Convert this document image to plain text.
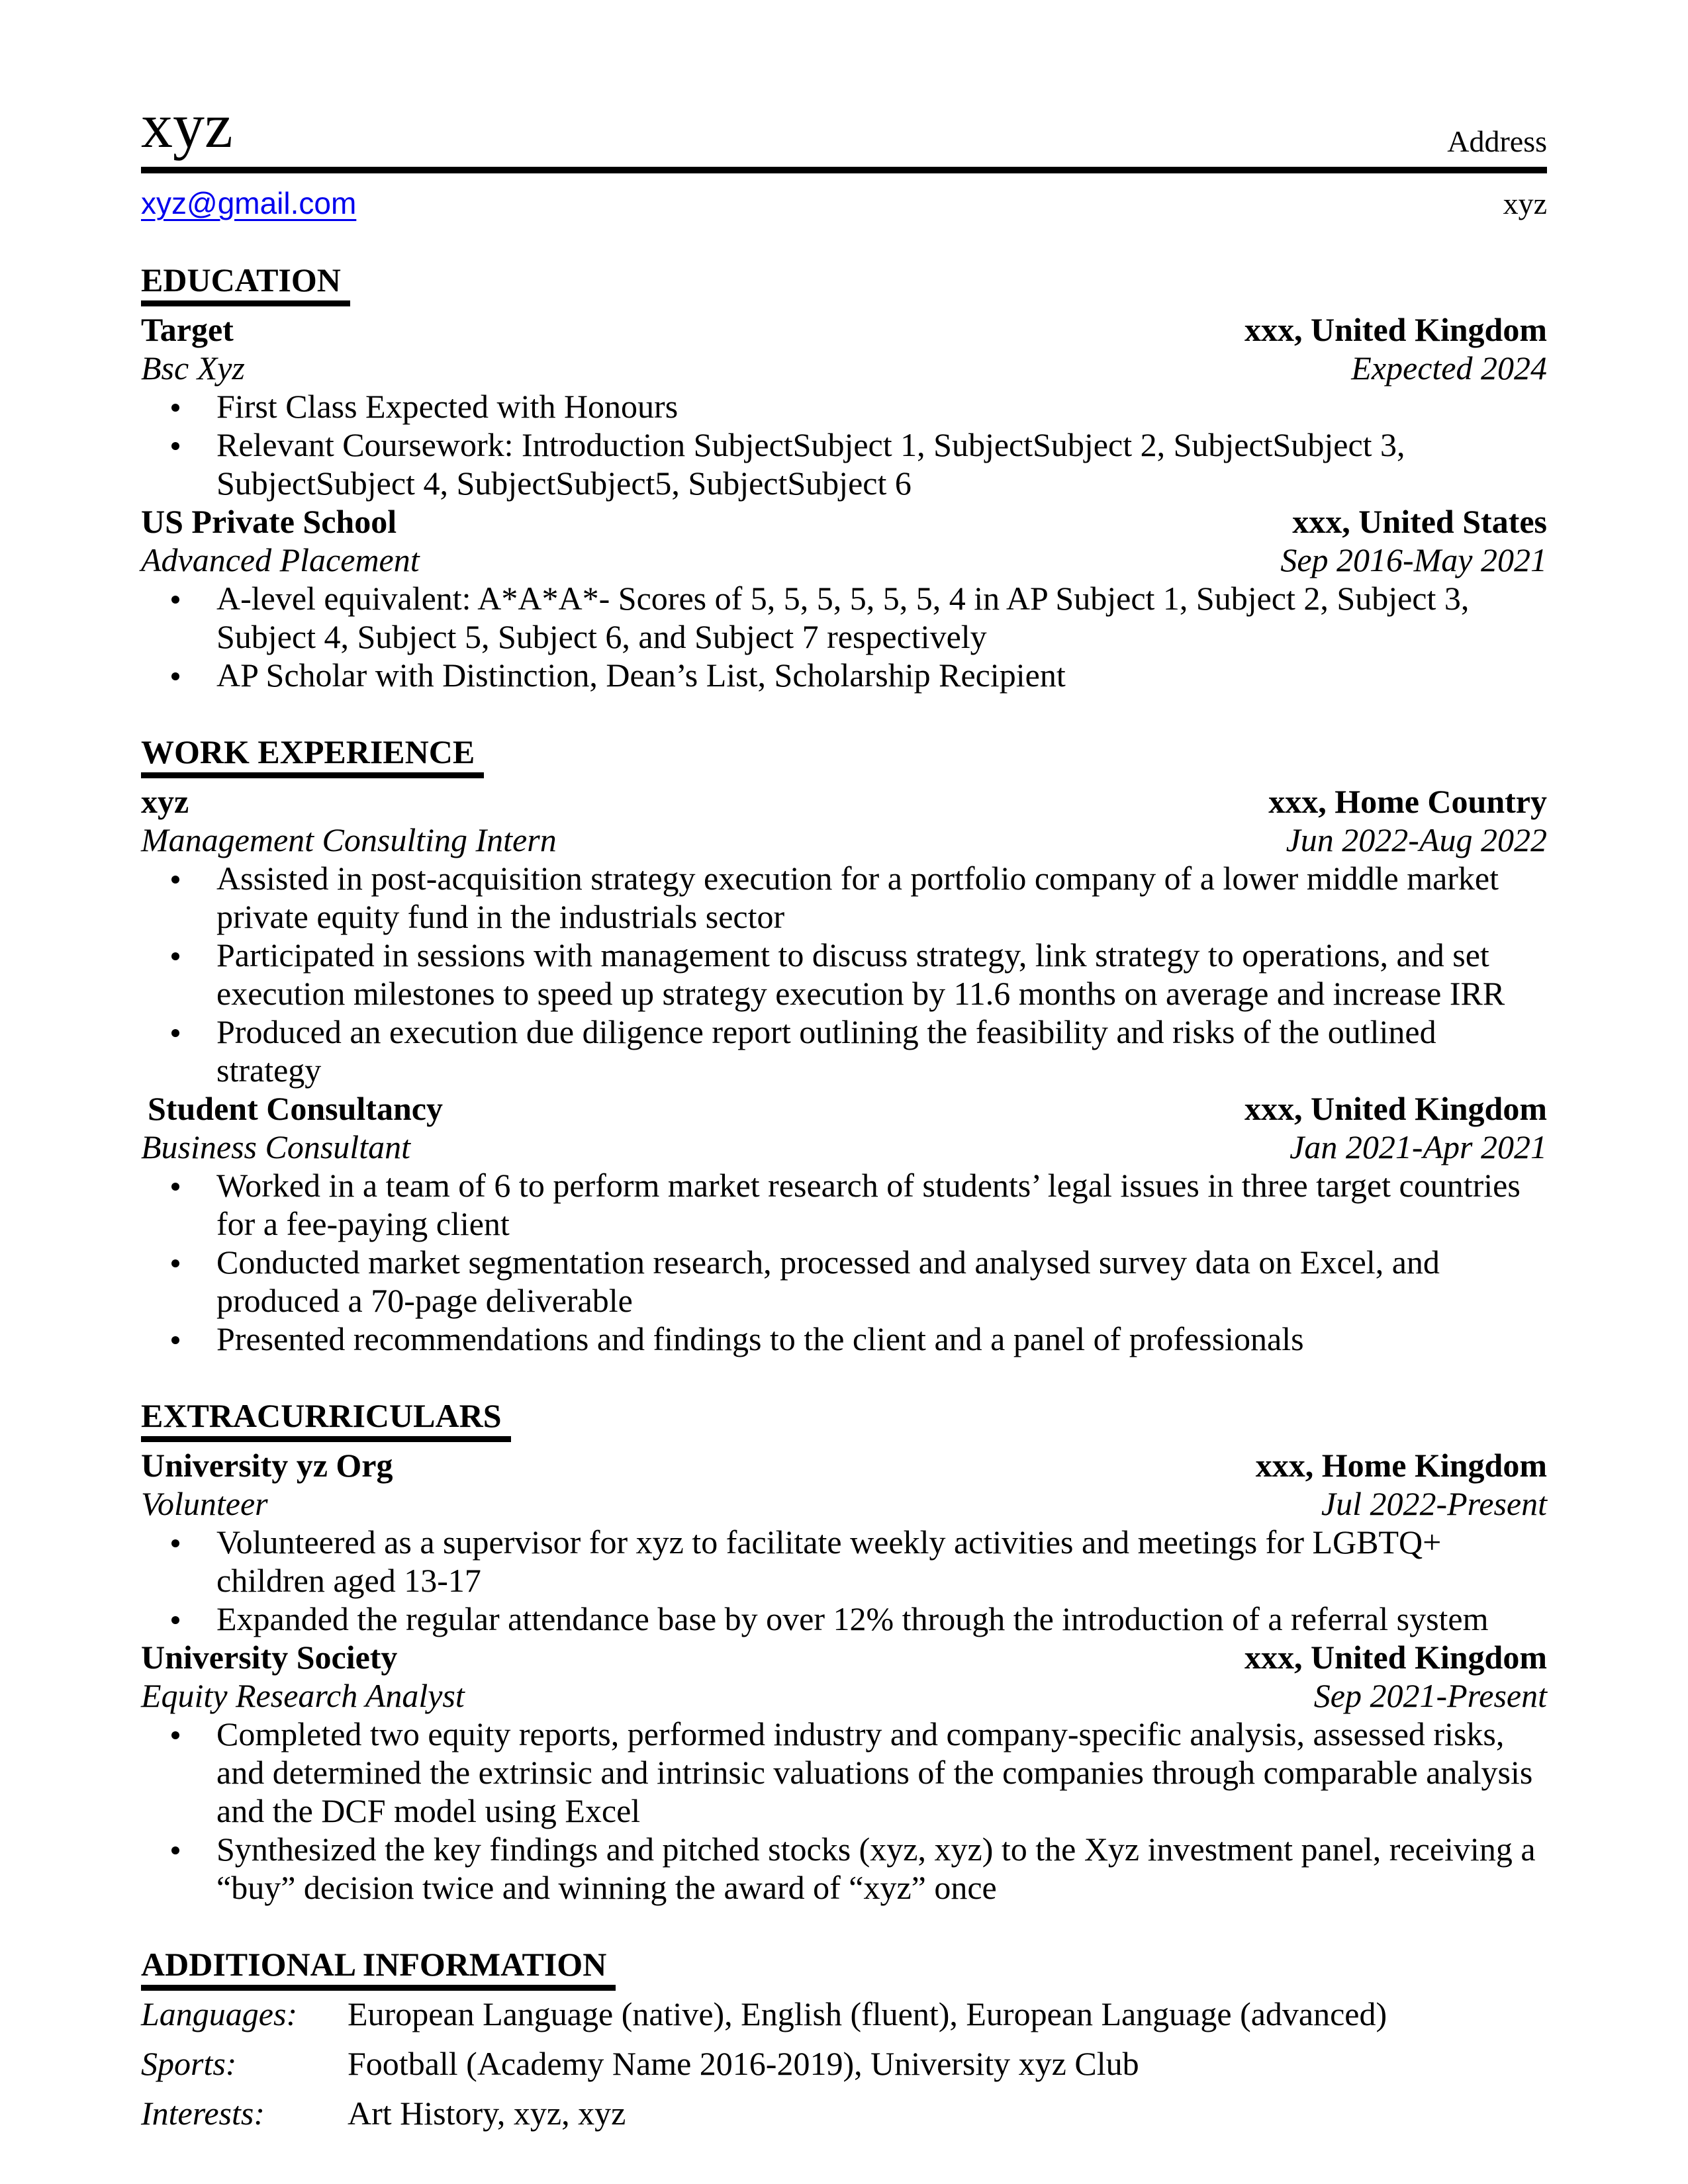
xyz	Address
xyz@gmail.com	xyz
EDUCATION
Target	xxx, United Kingdom
Bsc Xyz	Expected 2024
First Class Expected with Honours
Relevant Coursework: Introduction SubjectSubject 1, SubjectSubject 2, SubjectSubject 3, SubjectSubject 4, SubjectSubject5, SubjectSubject 6
US Private School	xxx, United States
Advanced Placement	Sep 2016-May 2021
A-level equivalent: A*A*A*- Scores of 5, 5, 5, 5, 5, 5, 4 in AP Subject 1, Subject 2, Subject 3, Subject 4, Subject 5, Subject 6, and Subject 7 respectively
AP Scholar with Distinction, Dean’s List, Scholarship Recipient
WORK EXPERIENCE
xyz	xxx, Home Country
Management Consulting Intern	Jun 2022-Aug 2022
Assisted in post-acquisition strategy execution for a portfolio company of a lower middle market private equity fund in the industrials sector
Participated in sessions with management to discuss strategy, link strategy to operations, and set execution milestones to speed up strategy execution by 11.6 months on average and increase IRR
Produced an execution due diligence report outlining the feasibility and risks of the outlined strategy
Student Consultancy	xxx, United Kingdom
Business Consultant	Jan 2021-Apr 2021
Worked in a team of 6 to perform market research of students’ legal issues in three target countries for a fee-paying client
Conducted market segmentation research, processed and analysed survey data on Excel, and produced a 70-page deliverable
Presented recommendations and findings to the client and a panel of professionals
EXTRACURRICULARS
University yz Org	xxx, Home Kingdom
Volunteer	Jul 2022-Present
Volunteered as a supervisor for xyz to facilitate weekly activities and meetings for LGBTQ+ children aged 13-17
Expanded the regular attendance base by over 12% through the introduction of a referral system
University Society	xxx, United Kingdom
Equity Research Analyst	Sep 2021-Present
Completed two equity reports, performed industry and company-specific analysis, assessed risks, and determined the extrinsic and intrinsic valuations of the companies through comparable analysis and the DCF model using Excel
Synthesized the key findings and pitched stocks (xyz, xyz) to the Xyz investment panel, receiving a “buy” decision twice and winning the award of “xyz” once
ADDITIONAL INFORMATION
Languages:	European Language (native), English (fluent), European Language (advanced)
Sports:	Football (Academy Name 2016-2019), University xyz Club
Interests:	Art History, xyz, xyz
